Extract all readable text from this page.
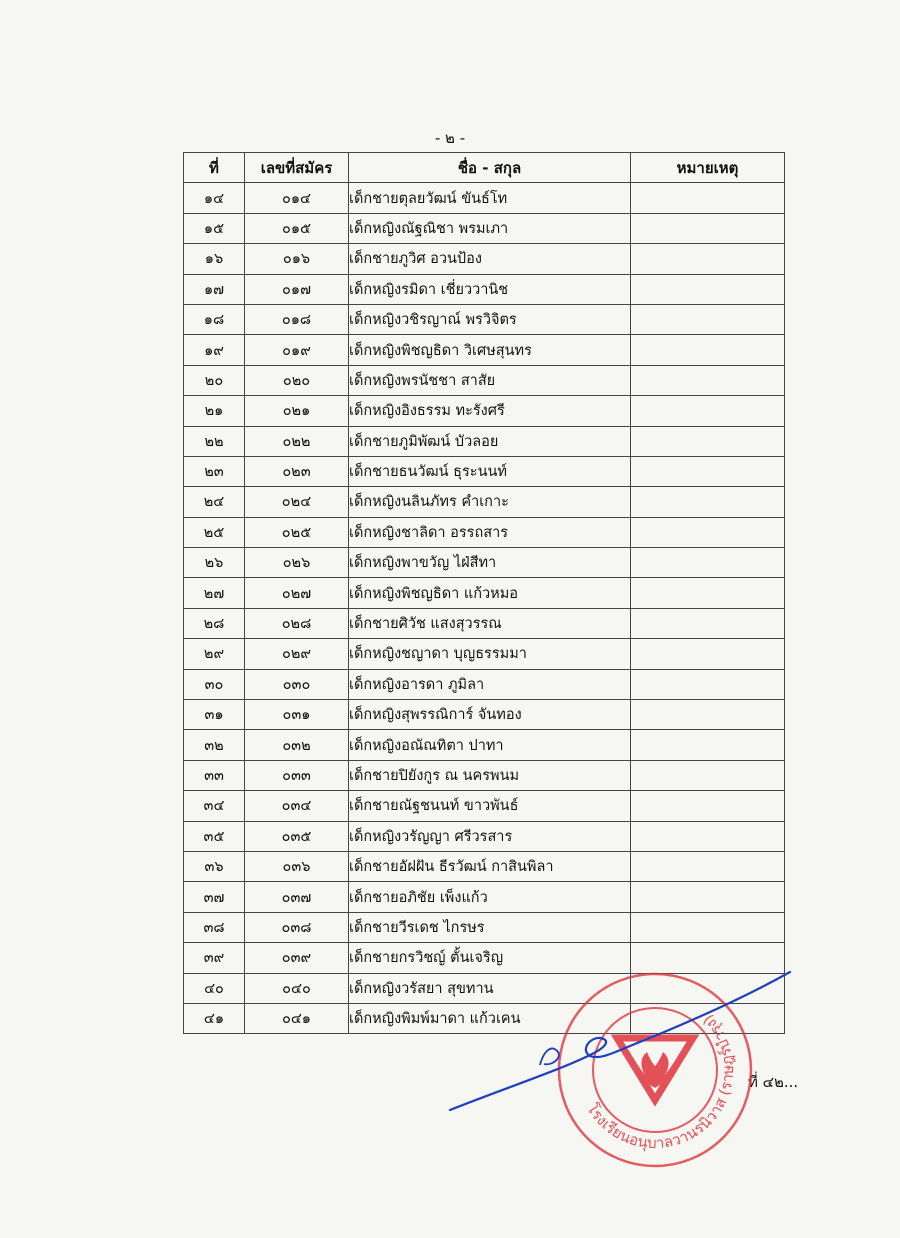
- ๒ -
ที่	เลขที่สมัคร	ชื่อ - สกุล	หมายเหตุ
๑๔	๐๑๔	เด็กชายตุลยวัฒน์ ขันธ์โท	
๑๕	๐๑๕	เด็กหญิงณัฐณิชา พรมเภา	
๑๖	๐๑๖	เด็กชายภูวิศ อวนป้อง	
๑๗	๐๑๗	เด็กหญิงรมิดา เชี่ยววานิช	
๑๘	๐๑๘	เด็กหญิงวชิรญาณ์ พรวิจิตร	
๑๙	๐๑๙	เด็กหญิงพิชญธิดา วิเศษสุนทร	
๒๐	๐๒๐	เด็กหญิงพรนัชชา สาสัย	
๒๑	๐๒๑	เด็กหญิงอิงธรรม ทะรังศรี	
๒๒	๐๒๒	เด็กชายภูมิพัฒน์ บัวลอย	
๒๓	๐๒๓	เด็กชายธนวัฒน์ ธุระนนท์	
๒๔	๐๒๔	เด็กหญิงนลินภัทร คำเกาะ	
๒๕	๐๒๕	เด็กหญิงชาลิดา อรรถสาร	
๒๖	๐๒๖	เด็กหญิงพาขวัญ ไฝ่สีทา	
๒๗	๐๒๗	เด็กหญิงพิชญธิดา แก้วหมอ	
๒๘	๐๒๘	เด็กชายศิวัช แสงสุวรรณ	
๒๙	๐๒๙	เด็กหญิงชญาดา บุญธรรมมา	
๓๐	๐๓๐	เด็กหญิงอารดา ภูมิลา	
๓๑	๐๓๑	เด็กหญิงสุพรรณิการ์ จันทอง	
๓๒	๐๓๒	เด็กหญิงอณัณทิตา ปาทา	
๓๓	๐๓๓	เด็กชายปิยังกูร ณ นครพนม	
๓๔	๐๓๔	เด็กชายณัฐชนนท์ ขาวพันธ์	
๓๕	๐๓๕	เด็กหญิงวรัญญา ศรีวรสาร	
๓๖	๐๓๖	เด็กชายอัฝฝัน ธีรวัฒน์ กาสินพิลา	
๓๗	๐๓๗	เด็กชายอภิชัย เพ็งแก้ว	
๓๘	๐๓๘	เด็กชายวีรเดช ไกรษร	
๓๙	๐๓๙	เด็กชายกรวิชญ์ ตั้นเจริญ	
๔๐	๐๔๐	เด็กหญิงวรัสยา สุขทาน	
๔๑	๐๔๑	เด็กหญิงพิมพ์มาดา แก้วเคน	
ที่ ๔๒...
โรงเรียนอนุบาลวานรนิวาส (ราษฎร์บำรุง)
